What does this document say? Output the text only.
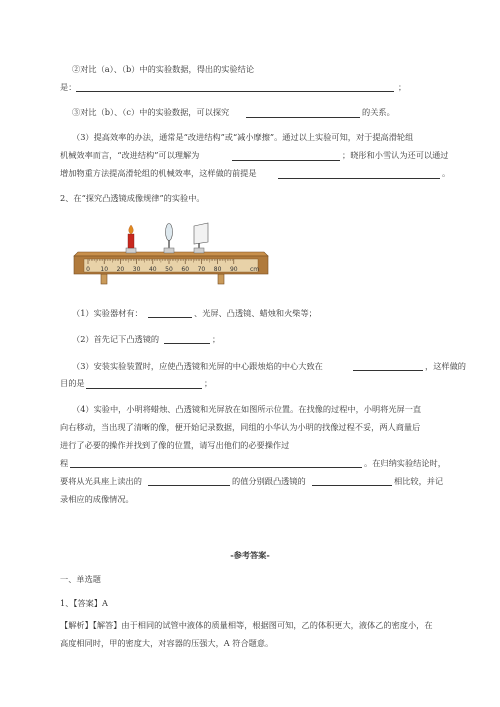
②对比（a）、（b）中的实验数据，得出的实验结论
是：	；
③对比（b）、（c）中的实验数据，可以探究	的关系。
（3）提高效率的办法，通常是“改进结构”或“减小摩擦”。通过以上实验可知，对于提高滑轮组
机械效率而言，“改进结构”可以理解为	；晓彤和小雪认为还可以通过
增加物重方法提高滑轮组的机械效率，这样做的前提是	。
2、在“探究凸透镜成像规律”的实验中。
0 10 20 30 40 50 60 70 80 90 cm
（1）实验器材有：	、光屏、凸透镜、蜡烛和火柴等；
（2）首先记下凸透镜的	；
（3）安装实验装置时，应使凸透镜和光屏的中心跟烛焰的中心大致在	，这样做的
目的是	；
（4）实验中，小明将蜡烛、凸透镜和光屏放在如图所示位置。在找像的过程中，小明将光屏一直
向右移动，当出现了清晰的像，便开始记录数据，同组的小华认为小明的找像过程不妥，两人商量后
进行了必要的操作并找到了像的位置，请写出他们的必要操作过
程	。在归纳实验结论时，
要将从光具座上读出的	的值分别跟凸透镜的	相比较，并记
录相应的成像情况。
-参考答案-
一、单选题
1、【答案】A
【解析】【解答】由于相同的试管中液体的质量相等，根据图可知，乙的体积更大，液体乙的密度小，在
高度相同时，甲的密度大，对容器的压强大，A 符合题意。
